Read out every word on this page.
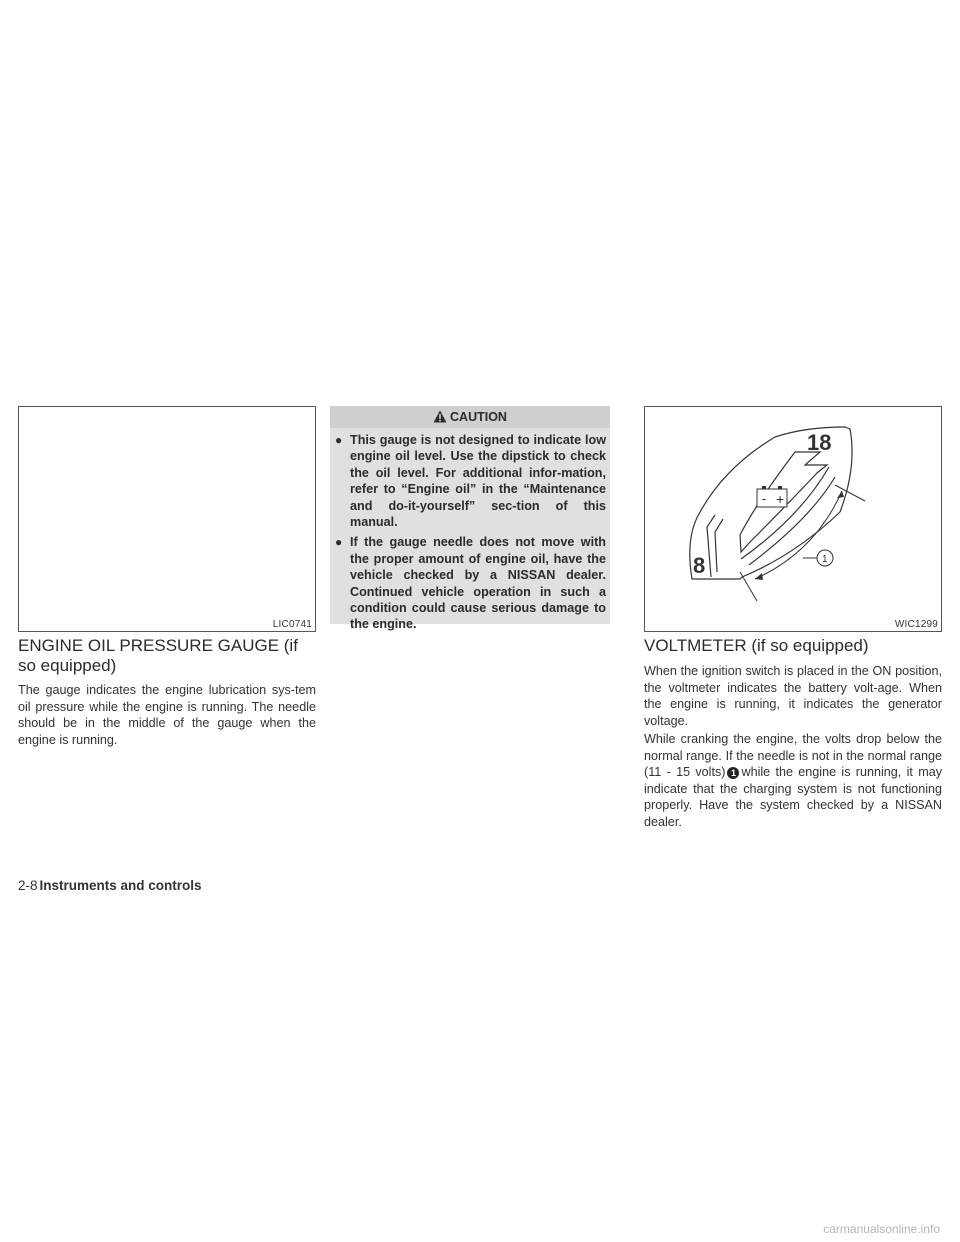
LIC0741
ENGINE OIL PRESSURE GAUGE (if
so equipped)

The gauge indicates the engine lubrication sys-tem oil pressure while the engine is running. The needle should be in the middle of the gauge when the engine is running.

CAUTION
● This gauge is not designed to indicate low engine oil level. Use the dipstick to check the oil level. For additional infor-mation, refer to “Engine oil” in the “Maintenance and do-it-yourself” sec-tion of this manual.
● If the gauge needle does not move with the proper amount of engine oil, have the vehicle checked by a NISSAN dealer. Continued vehicle operation in such a condition could cause serious damage to the engine.
- +
18
8	1
WIC1299
VOLTMETER (if so equipped)

When the ignition switch is placed in the ON position, the voltmeter indicates the battery volt-age. When the engine is running, it indicates the generator voltage.

While cranking the engine, the volts drop below the normal range. If the needle is not in the normal range (11 - 15 volts) 1 while the engine is running, it may indicate that the charging system is not functioning properly. Have the system checked by a NISSAN dealer.

2-8 Instruments and controls
carmanualsonline.info
